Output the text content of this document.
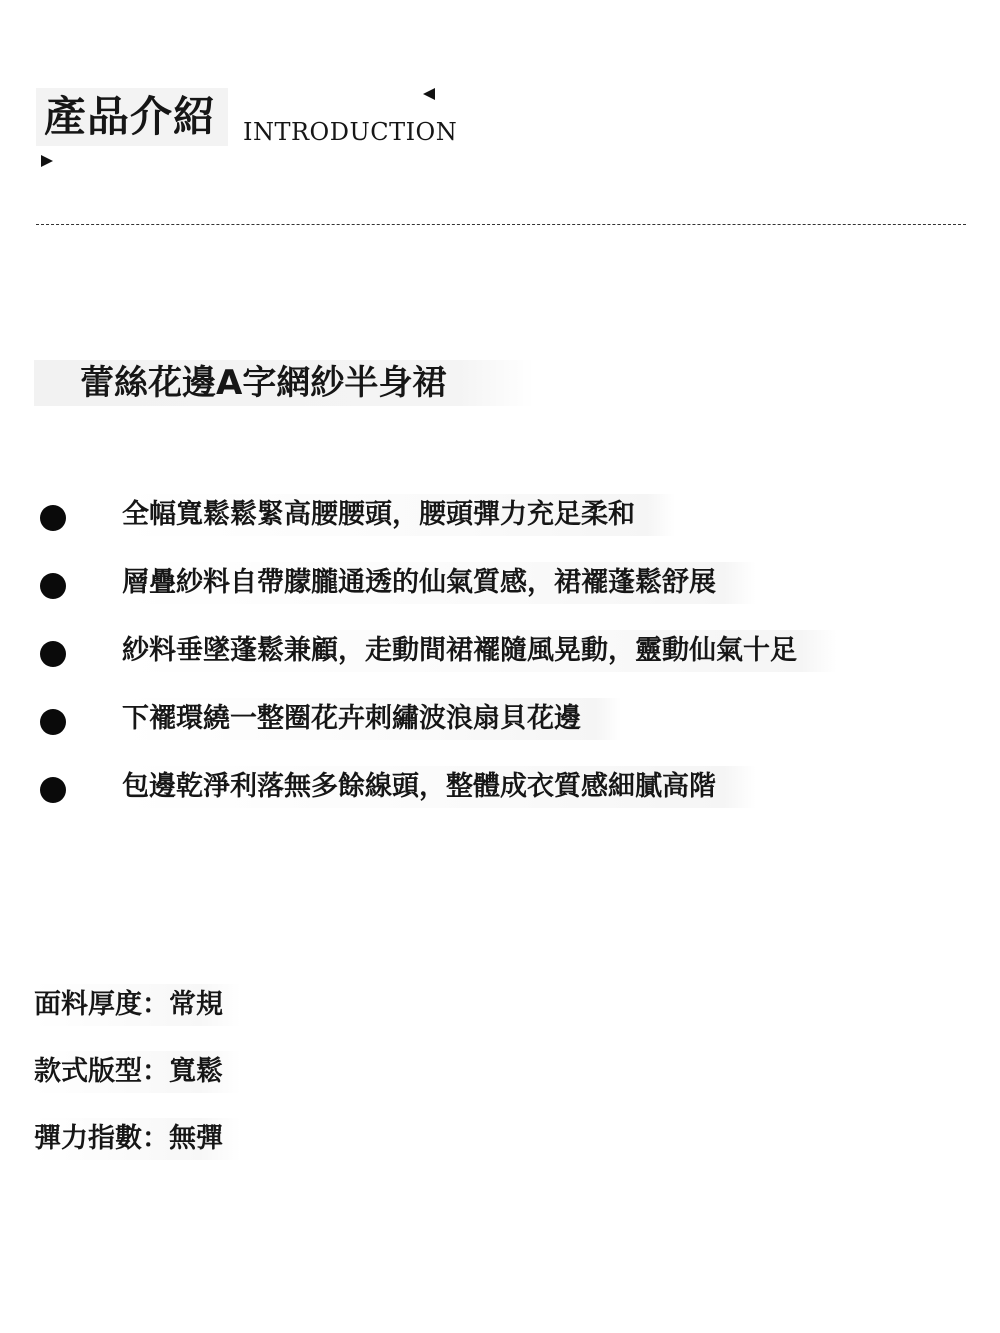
產品介紹	INTRODUCTION
蕾絲花邊A字網紗半身裙
全幅寬鬆鬆緊高腰腰頭，腰頭彈力充足柔和
層疊紗料自帶朦朧通透的仙氣質感，裙襬蓬鬆舒展
紗料垂墜蓬鬆兼顧，走動間裙襬隨風晃動，靈動仙氣十足
下襬環繞一整圈花卉刺繡波浪扇貝花邊
包邊乾淨利落無多餘線頭，整體成衣質感細膩高階
面料厚度：常規
款式版型：寬鬆
彈力指數：無彈
